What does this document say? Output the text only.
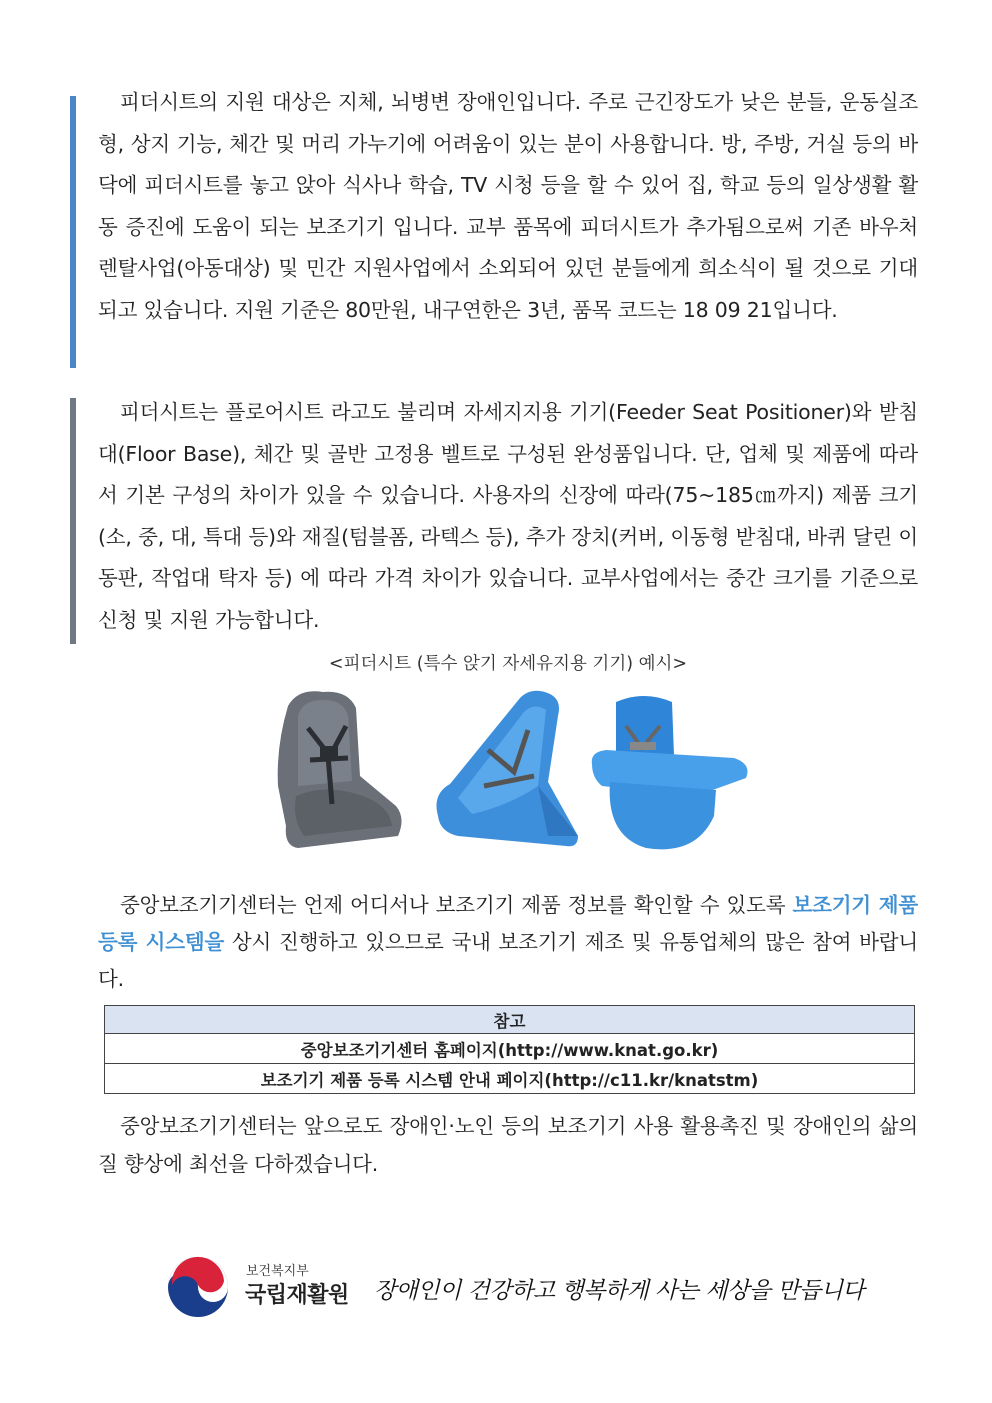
피더시트의 지원 대상은 지체, 뇌병변 장애인입니다. 주로 근긴장도가 낮은 분들, 운동실조형, 상지 기능, 체간 및 머리 가누기에 어려움이 있는 분이 사용합니다. 방, 주방, 거실 등의 바닥에 피더시트를 놓고 앉아 식사나 학습, TV 시청 등을 할 수 있어 집, 학교 등의 일상생활 활동 증진에 도움이 되는 보조기기 입니다. 교부 품목에 피더시트가 추가됨으로써 기존 바우처 렌탈사업(아동대상) 및 민간 지원사업에서 소외되어 있던 분들에게 희소식이 될 것으로 기대되고 있습니다. 지원 기준은 80만원, 내구연한은 3년, 품목 코드는 18 09 21입니다.
피더시트는 플로어시트 라고도 불리며 자세지지용 기기(Feeder Seat Positioner)와 받침대(Floor Base), 체간 및 골반 고정용 벨트로 구성된 완성품입니다. 단, 업체 및 제품에 따라서 기본 구성의 차이가 있을 수 있습니다. 사용자의 신장에 따라(75~185㎝까지) 제품 크기(소, 중, 대, 특대 등)와 재질(텀블폼, 라텍스 등), 추가 장치(커버, 이동형 받침대, 바퀴 달린 이동판, 작업대 탁자 등) 에 따라 가격 차이가 있습니다. 교부사업에서는 중간 크기를 기준으로 신청 및 지원 가능합니다.
<피더시트 (특수 앉기 자세유지용 기기) 예시>
중앙보조기기센터는 언제 어디서나 보조기기 제품 정보를 확인할 수 있도록 보조기기 제품 등록 시스템을 상시 진행하고 있으므로 국내 보조기기 제조 및 유통업체의 많은 참여 바랍니다.
참고
중앙보조기기센터 홈페이지(http://www.knat.go.kr)
보조기기 제품 등록 시스템 안내 페이지(http://c11.kr/knatstm)
중앙보조기기센터는 앞으로도 장애인·노인 등의 보조기기 사용 활용촉진 및 장애인의 삶의 질 향상에 최선을 다하겠습니다.
보건복지부
국립재활원 장애인이 건강하고 행복하게 사는 세상을 만듭니다
